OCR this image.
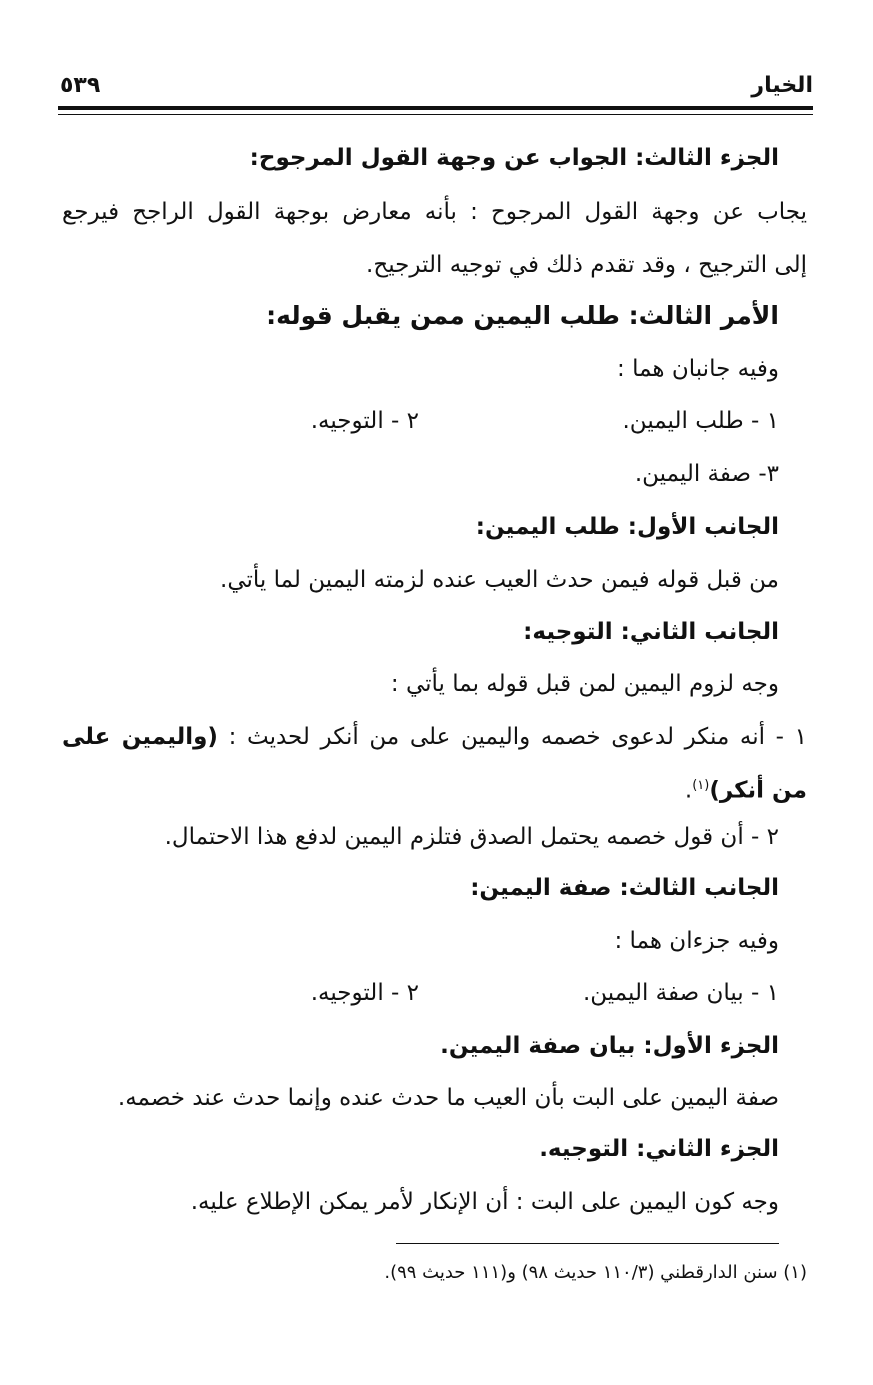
الخيار
٥٣٩
الجزء الثالث: الجواب عن وجهة القول المرجوح:
يجاب عن وجهة القول المرجوح : بأنه معارض بوجهة القول الراجح فيرجع
إلى الترجيح ، وقد تقدم ذلك في توجيه الترجيح.
الأمر الثالث: طلب اليمين ممن يقبل قوله:
وفيه جانبان هما :
١ - طلب اليمين.
٢ - التوجيه.
٣- صفة اليمين.
الجانب الأول: طلب اليمين:
من قبل قوله فيمن حدث العيب عنده لزمته اليمين لما يأتي.
الجانب الثاني: التوجيه:
وجه لزوم اليمين لمن قبل قوله بما يأتي :
١ - أنه منكر لدعوى خصمه واليمين على من أنكر لحديث : (واليمين على
من أنكر)$^{(١)}$.
٢ - أن قول خصمه يحتمل الصدق فتلزم اليمين لدفع هذا الاحتمال.
الجانب الثالث: صفة اليمين:
وفيه جزءان هما :
١ - بيان صفة اليمين.
٢ - التوجيه.
الجزء الأول: بيان صفة اليمين.
صفة اليمين على البت بأن العيب ما حدث عنده وإنما حدث عند خصمه.
الجزء الثاني: التوجيه.
وجه كون اليمين على البت : أن الإنكار لأمر يمكن الإطلاع عليه.
(١) سنن الدارقطني (١١٠/٣ حديث ٩٨) و(١١١ حديث ٩٩).
